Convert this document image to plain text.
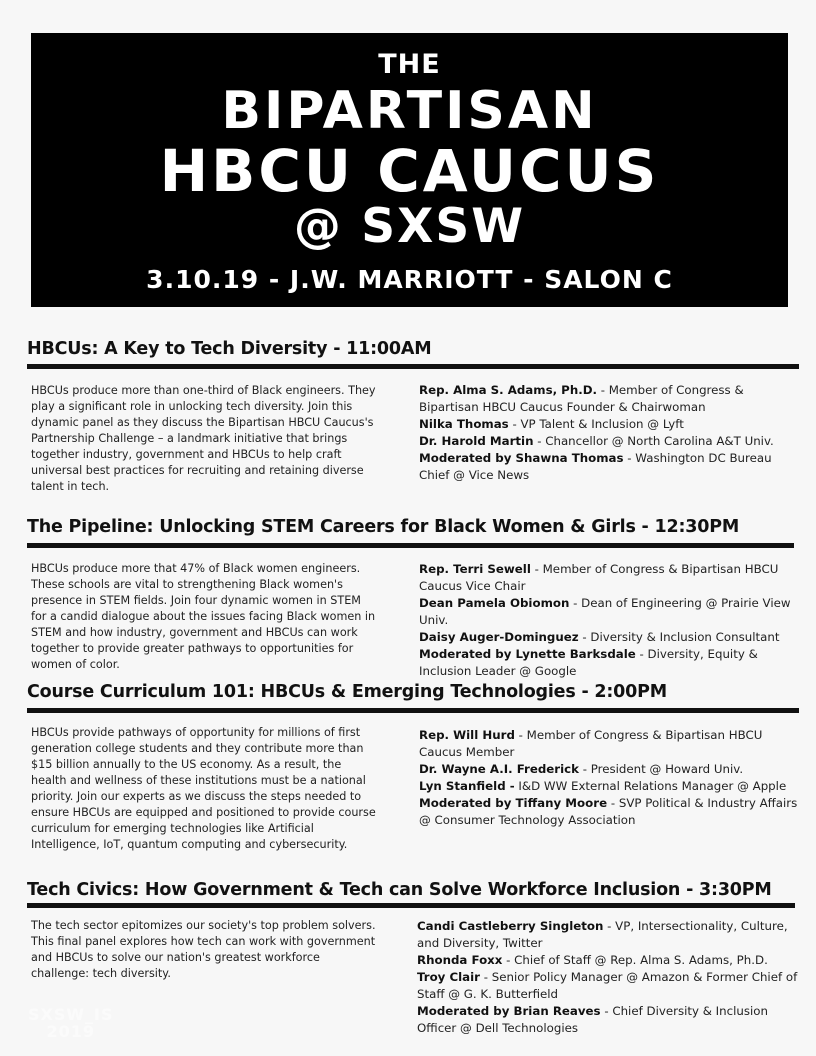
THE
BIPARTISAN
HBCU CAUCUS
@ SXSW
3.10.19 - J.W. MARRIOTT - SALON C
HBCUs: A Key to Tech Diversity - 11:00AM
HBCUs produce more than one-third of Black engineers. They play a significant role in unlocking tech diversity. Join this dynamic panel as they discuss the Bipartisan HBCU Caucus's Partnership Challenge – a landmark initiative that brings together industry, government and HBCUs to help craft universal best practices for recruiting and retaining diverse talent in tech.

Rep. Alma S. Adams, Ph.D. - Member of Congress & Bipartisan HBCU Caucus Founder & Chairwoman

Nilka Thomas - VP Talent & Inclusion @ Lyft

Dr. Harold Martin - Chancellor @ North Carolina A&T Univ.

Moderated by Shawna Thomas - Washington DC Bureau Chief @ Vice News

The Pipeline: Unlocking STEM Careers for Black Women & Girls - 12:30PM
HBCUs produce more that 47% of Black women engineers. These schools are vital to strengthening Black women's presence in STEM fields. Join four dynamic women in STEM for a candid dialogue about the issues facing Black women in STEM and how industry, government and HBCUs can work together to provide greater pathways to opportunities for women of color.

Rep. Terri Sewell - Member of Congress & Bipartisan HBCU Caucus Vice Chair

Dean Pamela Obiomon - Dean of Engineering @ Prairie View Univ.

Daisy Auger-Dominguez - Diversity & Inclusion Consultant

Moderated by Lynette Barksdale - Diversity, Equity & Inclusion Leader @ Google

Course Curriculum 101: HBCUs & Emerging Technologies - 2:00PM
HBCUs provide pathways of opportunity for millions of first generation college students and they contribute more than $15 billion annually to the US economy. As a result, the health and wellness of these institutions must be a national priority. Join our experts as we discuss the steps needed to ensure HBCUs are equipped and positioned to provide course curriculum for emerging technologies like Artificial Intelligence, IoT, quantum computing and cybersecurity.

Rep. Will Hurd - Member of Congress & Bipartisan HBCU Caucus Member

Dr. Wayne A.I. Frederick - President @ Howard Univ.

Lyn Stanfield - I&D WW External Relations Manager @ Apple

Moderated by Tiffany Moore - SVP Political & Industry Affairs @ Consumer Technology Association

Tech Civics: How Government & Tech can Solve Workforce Inclusion - 3:30PM
The tech sector epitomizes our society's top problem solvers. This final panel explores how tech can work with government and HBCUs to solve our nation's greatest workforce challenge: tech diversity.

Candi Castleberry Singleton - VP, Intersectionality, Culture, and Diversity, Twitter

Rhonda Foxx - Chief of Staff @ Rep. Alma S. Adams, Ph.D.

Troy Clair - Senior Policy Manager @ Amazon & Former Chief of Staff @ G. K. Butterfield

Moderated by Brian Reaves - Chief Diversity & Inclusion Officer @ Dell Technologies

SXSW_IS
2019
